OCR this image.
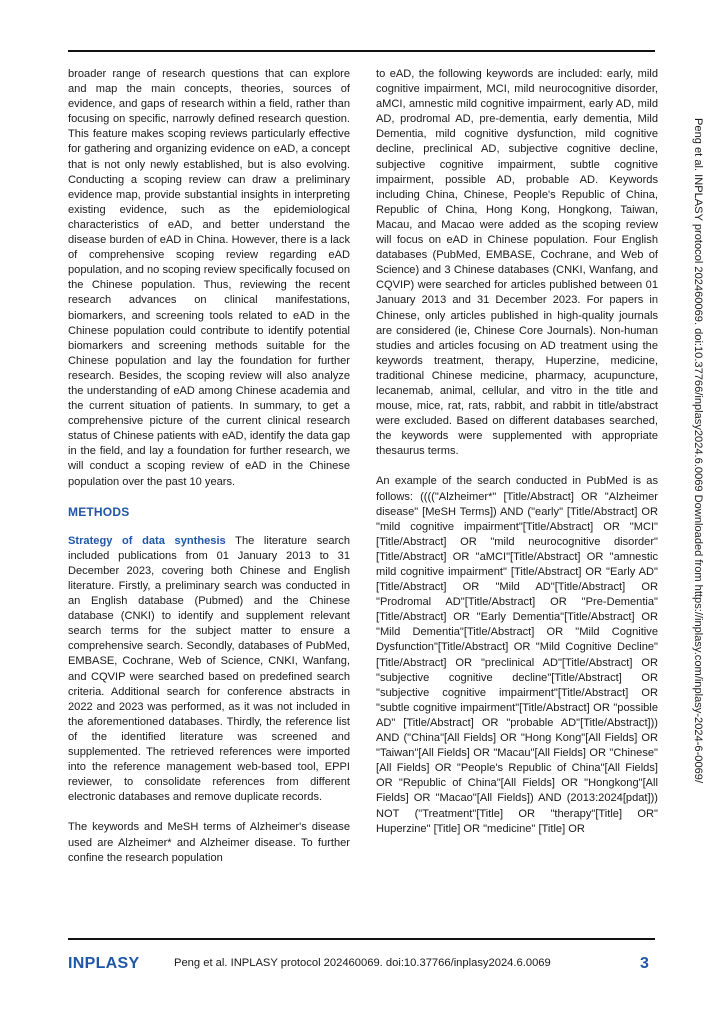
broader range of research questions that can explore and map the main concepts, theories, sources of evidence, and gaps of research within a field, rather than focusing on specific, narrowly defined research question. This feature makes scoping reviews particularly effective for gathering and organizing evidence on eAD, a concept that is not only newly established, but is also evolving. Conducting a scoping review can draw a preliminary evidence map, provide substantial insights in interpreting existing evidence, such as the epidemiological characteristics of eAD, and better understand the disease burden of eAD in China. However, there is a lack of comprehensive scoping review regarding eAD population, and no scoping review specifically focused on the Chinese population. Thus, reviewing the recent research advances on clinical manifestations, biomarkers, and screening tools related to eAD in the Chinese population could contribute to identify potential biomarkers and screening methods suitable for the Chinese population and lay the foundation for further research. Besides, the scoping review will also analyze the understanding of eAD among Chinese academia and the current situation of patients. In summary, to get a comprehensive picture of the current clinical research status of Chinese patients with eAD, identify the data gap in the field, and lay a foundation for further research, we will conduct a scoping review of eAD in the Chinese population over the past 10 years.

METHODS

Strategy of data synthesis The literature search included publications from 01 January 2013 to 31 December 2023, covering both Chinese and English literature. Firstly, a preliminary search was conducted in an English database (Pubmed) and the Chinese database (CNKI) to identify and supplement relevant search terms for the subject matter to ensure a comprehensive search. Secondly, databases of PubMed, EMBASE, Cochrane, Web of Science, CNKI, Wanfang, and CQVIP were searched based on predefined search criteria. Additional search for conference abstracts in 2022 and 2023 was performed, as it was not included in the aforementioned databases. Thirdly, the reference list of the identified literature was screened and supplemented. The retrieved references were imported into the reference management web-based tool, EPPI reviewer, to consolidate references from different electronic databases and remove duplicate records.

The keywords and MeSH terms of Alzheimer's disease used are Alzheimer* and Alzheimer disease. To further confine the research population

to eAD, the following keywords are included: early, mild cognitive impairment, MCI, mild neurocognitive disorder, aMCI, amnestic mild cognitive impairment, early AD, mild AD, prodromal AD, pre-dementia, early dementia, Mild Dementia, mild cognitive dysfunction, mild cognitive decline, preclinical AD, subjective cognitive decline, subjective cognitive impairment, subtle cognitive impairment, possible AD, probable AD. Keywords including China, Chinese, People's Republic of China, Republic of China, Hong Kong, Hongkong, Taiwan, Macau, and Macao were added as the scoping review will focus on eAD in Chinese population. Four English databases (PubMed, EMBASE, Cochrane, and Web of Science) and 3 Chinese databases (CNKI, Wanfang, and CQVIP) were searched for articles published between 01 January 2013 and 31 December 2023. For papers in Chinese, only articles published in high-quality journals are considered (ie, Chinese Core Journals). Non-human studies and articles focusing on AD treatment using the keywords treatment, therapy, Huperzine, medicine, traditional Chinese medicine, pharmacy, acupuncture, lecanemab, animal, cellular, and vitro in the title and mouse, mice, rat, rats, rabbit, and rabbit in title/abstract were excluded. Based on different databases searched, the keywords were supplemented with appropriate thesaurus terms.

An example of the search conducted in PubMed is as follows: (((("Alzheimer*" [Title/Abstract] OR "Alzheimer disease" [MeSH Terms]) AND ("early" [Title/Abstract] OR "mild cognitive impairment"[Title/Abstract] OR "MCI" [Title/Abstract] OR "mild neurocognitive disorder"[Title/Abstract] OR "aMCI"[Title/Abstract] OR "amnestic mild cognitive impairment" [Title/Abstract] OR "Early AD"[Title/Abstract] OR "Mild AD"[Title/Abstract] OR "Prodromal AD"[Title/Abstract] OR "Pre-Dementia"[Title/Abstract] OR "Early Dementia"[Title/Abstract] OR "Mild Dementia"[Title/Abstract] OR "Mild Cognitive Dysfunction"[Title/Abstract] OR "Mild Cognitive Decline"[Title/Abstract] OR "preclinical AD"[Title/Abstract] OR "subjective cognitive decline"[Title/Abstract] OR "subjective cognitive impairment"[Title/Abstract] OR "subtle cognitive impairment"[Title/Abstract] OR "possible AD" [Title/Abstract] OR "probable AD"[Title/Abstract])) AND ("China"[All Fields] OR "Hong Kong"[All Fields] OR "Taiwan"[All Fields] OR "Macau"[All Fields] OR "Chinese"[All Fields] OR "People's Republic of China"[All Fields] OR "Republic of China"[All Fields] OR "Hongkong"[All Fields] OR "Macao"[All Fields]) AND (2013:2024[pdat])) NOT ("Treatment"[Title] OR "therapy"[Title] OR" Huperzine" [Title] OR "medicine" [Title] OR

Peng et al. INPLASY protocol 202460069. doi:10.37766/inplasy2024.6.0069 Downloaded from https://inplasy.com/inplasy-2024-6-0069/
INPLASY	Peng et al. INPLASY protocol 202460069. doi:10.37766/inplasy2024.6.0069	3
